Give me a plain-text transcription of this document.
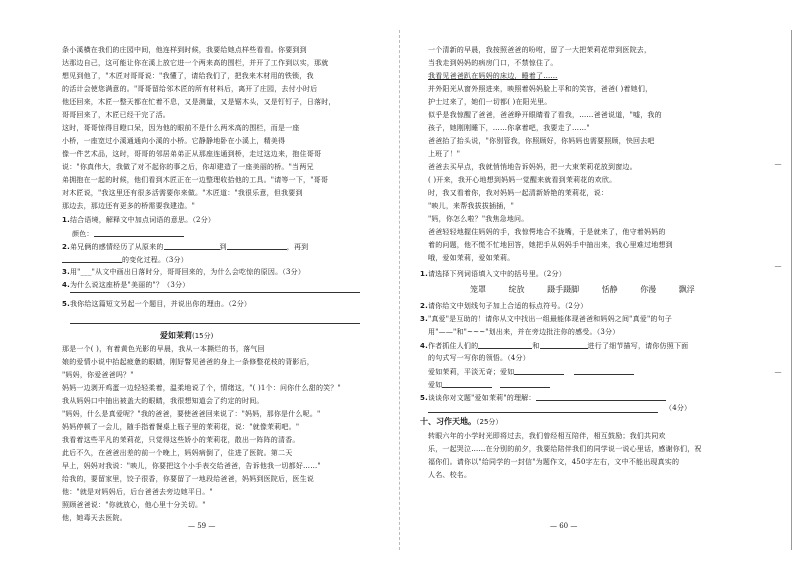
条小溪横在我们的庄园中间，他连样到时候，我要给她点样些看看。你要到到
达那边自己，这可能让你在溪上放它进一个两来高的围栏，并开了工作到以实，那就
想见到他了，"木匠对哥哥说："我懂了，请给我们了，把我来木材用的铁锁，我
的活计会使您满意的。"哥哥留给邻木匠的所有材料后，离开了庄园，去付小时后
他还回来，木匠一整天都在忙着不息，又是测量，又是锯木头，又是钉钉子，日落时，
哥哥回来了，木匠已经干完了活。
这时，哥哥惊得目瞪口呆，因为他的眼前不是什么两米高的围栏，而是一座
小桥，一座宽过小溪通通向小溪的小桥。它静静地卧在小溪上，精美得
像一件艺术品，这时，哥哥的邻居弟弟正从那座连通到桥，走过这边来，抱住哥哥
说："你真伟大，我做了对不起你的事之后，你却建造了一座美丽的桥。"当两兄
弟拥抱在一起的时候，他们看到木匠正在一边整理收拾他的工具。"请等一下，"哥哥
对木匠说，"我这里还有很多活需要你来做。"木匠道："我很乐意，但我要到
那边去，那边还有更多的桥需要我建造。"
1.结合语境，解释文中加点词语的意思。（2分）
颜色：
2.弟兄俩的感情经历了从原来的	到	，再到
的变化过程。（3分）
3.用"___"从文中画出日落时分，哥哥回来的，为什么会吃惊的原因。（3分）
4.为什么说这座桥是"美丽的"？（3分）
5.我你给这篇短文另起一个题目，并说出你的理由。（2分）
爱如茉莉(15分)
那是一个( )，有着黄色光影的早晨，我从一本撕烂的书，落气回
娘的爱情小说中抬起疲惫的眼睛，刚好瞥见爸爸的身上一条修整花枝的背影后，
"妈妈，你爱爸爸吗？"
妈妈一边剥开鸡蛋一边轻轻柔着，温柔地说了个，情绪这，"( )1个：问你什么甜的笑？"
我从妈妈口中抽出被盖大的眼睛，我很想知道会了约定的时间。
"妈妈，什么是真爱呢？"我的爸爸，要使爸爸回来说了："妈妈，那你是什么呢。"
妈妈停顿了一会儿，随手指着餐桌上瓶子里的茉莉花，说："就像茉莉吧。"
我看着这些平凡的茉莉花，只觉得这些娇小的茉莉花，散出一阵阵的清香。
此后不久，在爸爸出差的前一个晚上，妈妈病倒了，住进了医院。第二天
早上，妈妈对我说："映儿，你要把这个小手表交给爸爸，告诉他我一切都好……"
给我的，要留家里，饺子很香，你要留了一地段给爸爸，妈妈到医院后，医生说
他："就是对妈妈后，后台爸爸去旁边她平日。"
照顾爸爸说："你就放心，他心里十分关切。"
他，她毒天去医院。
— 59 —
一个清新的早晨，我按照爸爸的吩咐，留了一大把茉莉花带到医院去，
当我走到妈妈的病房门口，不禁惊住了。
我看见爸爸趴在妈妈的床边，睡着了……
并外阳光从窗外照进来，映照着妈妈脸上平和的笑容，爸爸( )着她们，
护士过来了，她们一切都( )在阳光里。
似乎是我惊醒了爸爸，爸爸睁开眼睛看了看我，……爸爸说道，"嘘，我的
孩子，她刚刚睡下，……你拿着吧，我要走了……"
爸爸抬了抬头说，"你别管我，你照顾好，你妈妈也需要照顾，快回去吧
上班了！"
爸爸去买早点，我就悄悄地告诉妈妈，把一大束茉莉花放到窗边。
( )开来，我开心地想到妈妈一觉醒来就看到茉莉花的欢欣。
时，我又看着你，我对妈妈一起清新娇艳的茉莉花，说：
"映儿，来帮我拔拔插插，"
"妈，你怎么啦？"我焦急地问。
爸爸轻轻地握住妈妈的手，我惊愕地合不拢嘴，于是就来了，他守着妈妈的
着的问题，他不慌不忙地回答，她把手从妈妈手中抽出来，我心里难过地想到
哦，爱如茉莉，爱如茉莉。
1.请选择下列词语填入文中的括号里。（2分）
笼罩	绽放	蹑手蹑脚	恬静	你漫	飘浮
2.请你给文中划线句子加上合适的标点符号。（2分）
3."真爱"是互助的！请你从文中找出一组最能体现爸爸和妈妈之间"真爱"的句子
用"——"和"~~~"划出来，并在旁边批注你的感受。（3分）
4.作者抓住人们的	和	进行了细节描写，请你仿照下面
的句式写一写你的领悟。（4分）
爱如茉莉，平淡无奇；爱如
爱如
5.谈谈你对文题"爱如茉莉"的理解：
（4分）
十、习作天地。（25分）
转眼六年的小学时光即将过去，我们曾经相互陪伴，相互鼓励；我们共同欢
乐，一起哭泣……在分别的前夕，我要给陪伴我们的同学说一说心里话，感谢你们，祝
福你们。请你以"给同学的一封信"为题作文，450字左右，文中不能出现真实的
人名、校名。
— 60 —
—
—
—
